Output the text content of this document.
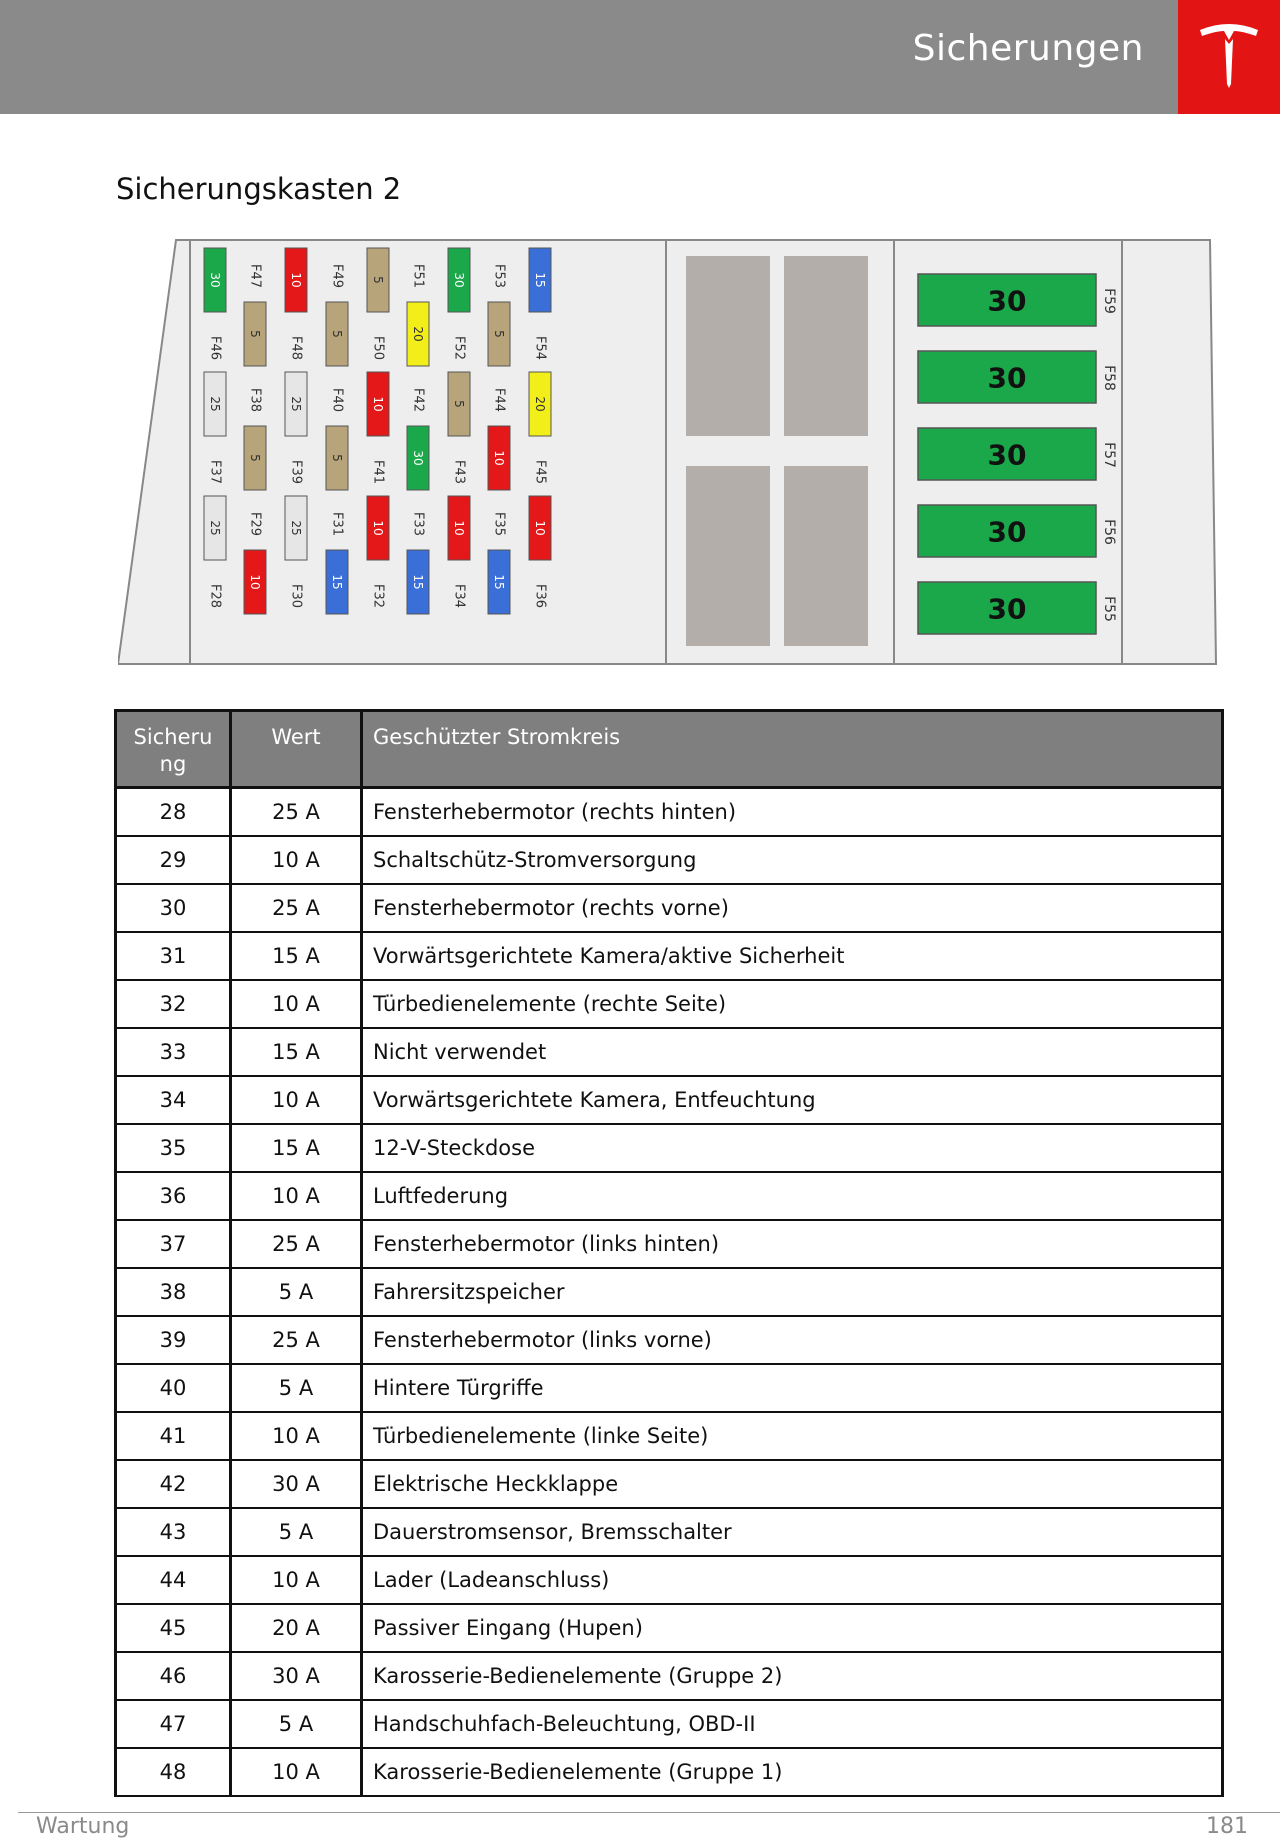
Sicherungen
Sicherungskasten 2
30
F46
5
F47 10
F48
5
F49 5
F50
20
F51 30
F52
5
F53 15
F54
25
F37
5
F38 25
F39
5
F40 10
F41
30
F42 5
F43
10
F44 20
F45
25
F28
10
F29 25
F30
15
F31 10
F32
15
F33 10
F34
15
F35 10
F36
30	F59
30	F58
30	F57
30	F56
30	F55
Sicheru ng	Wert	Geschützter Stromkreis
28	25 A	Fensterhebermotor (rechts hinten)
29	10 A	Schaltschütz-Stromversorgung
30	25 A	Fensterhebermotor (rechts vorne)
31	15 A	Vorwärtsgerichtete Kamera/aktive Sicherheit
32	10 A	Türbedienelemente (rechte Seite)
33	15 A	Nicht verwendet
34	10 A	Vorwärtsgerichtete Kamera, Entfeuchtung
35	15 A	12-V-Steckdose
36	10 A	Luftfederung
37	25 A	Fensterhebermotor (links hinten)
38	5 A	Fahrersitzspeicher
39	25 A	Fensterhebermotor (links vorne)
40	5 A	Hintere Türgriffe
41	10 A	Türbedienelemente (linke Seite)
42	30 A	Elektrische Heckklappe
43	5 A	Dauerstromsensor, Bremsschalter
44	10 A	Lader (Ladeanschluss)
45	20 A	Passiver Eingang (Hupen)
46	30 A	Karosserie-Bedienelemente (Gruppe 2)
47	5 A	Handschuhfach-Beleuchtung, OBD-II
48	10 A	Karosserie-Bedienelemente (Gruppe 1)
Wartung	181
